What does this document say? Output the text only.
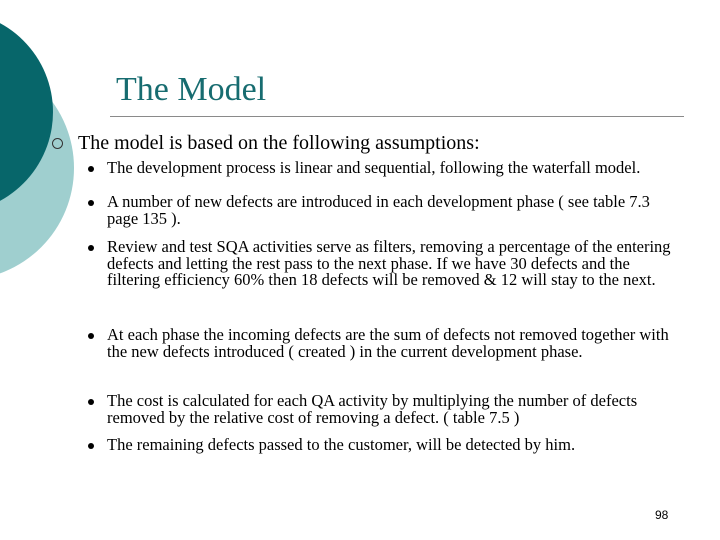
The Model
The model is based on the following assumptions:
The development process is linear and sequential, following the waterfall model.
A number of new defects are introduced in each development phase ( see table 7.3 page 135 ).
Review and test SQA activities serve as filters, removing a percentage of the entering defects and letting the rest pass to the next phase. If we have 30 defects and the filtering efficiency 60% then 18 defects will be removed & 12 will stay to the next.
At each phase the incoming defects are the sum of defects not removed together with the new defects introduced ( created ) in the current development phase.
The cost is calculated for each QA activity by multiplying the number of defects removed by the relative cost of removing a defect. ( table 7.5 )
The remaining defects passed to the customer, will be detected by him.
98
